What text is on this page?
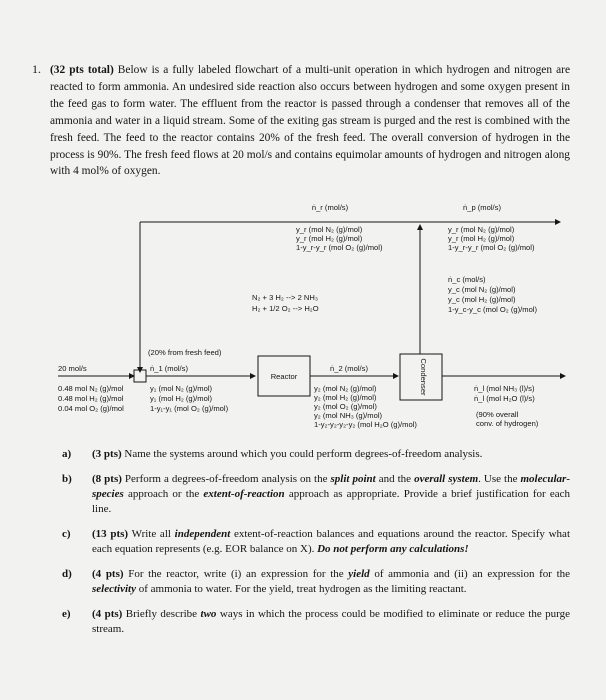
1. (32 pts total) Below is a fully labeled flowchart of a multi-unit operation in which hydrogen and nitrogen are reacted to form ammonia. An undesired side reaction also occurs between hydrogen and some oxygen present in the feed gas to form water. The effluent from the reactor is passed through a condenser that removes all of the ammonia and water in a liquid stream. Some of the exiting gas stream is purged and the rest is combined with the fresh feed. The feed to the reactor contains 20% of the fresh feed. The overall conversion of hydrogen in the process is 90%. The fresh feed flows at 20 mol/s and contains equimolar amounts of hydrogen and nitrogen along with 4 mol% of oxygen.
Reactor	Condenser
ṅ_r (mol/s)
y_r (mol N₂ (g)/mol)
y_r (mol H₂ (g)/mol)
1-y_r-y_r (mol O₂ (g)/mol)
ṅ_p (mol/s)
y_r (mol N₂ (g)/mol)
y_r (mol H₂ (g)/mol)
1-y_r-y_r (mol O₂ (g)/mol)
ṅ_c (mol/s)
y_c (mol N₂ (g)/mol)
y_c (mol H₂ (g)/mol)
1-y_c-y_c (mol O₂ (g)/mol)
N₂ + 3 H₂ --> 2 NH₃
H₂ + 1/2 O₂ --> H₂O
20 mol/s
0.48 mol N₂ (g)/mol
0.48 mol H₂ (g)/mol
0.04 mol O₂ (g)/mol
(20% from fresh feed)
ṅ_1 (mol/s)
y₁ (mol N₂ (g)/mol)
y₁ (mol H₂ (g)/mol)
1-y₁-y₁ (mol O₂ (g)/mol)
ṅ_2 (mol/s)
y₂ (mol N₂ (g)/mol)
y₂ (mol H₂ (g)/mol)
y₂ (mol O₂ (g)/mol)
y₂ (mol NH₃ (g)/mol)
1-y₂-y₂-y₂-y₂ (mol H₂O (g)/mol)
ṅ_l (mol NH₃ (l)/s)
ṅ_l (mol H₂O (l)/s)
(90% overall
conv. of hydrogen)
a) (3 pts) Name the systems around which you could perform degrees-of-freedom analysis.
b) (8 pts) Perform a degrees-of-freedom analysis on the split point and the overall system. Use the molecular-species approach or the extent-of-reaction approach as appropriate. Provide a brief justification for each line.
c) (13 pts) Write all independent extent-of-reaction balances and equations around the reactor. Specify what each equation represents (e.g. EOR balance on X). Do not perform any calculations!
d) (4 pts) For the reactor, write (i) an expression for the yield of ammonia and (ii) an expression for the selectivity of ammonia to water. For the yield, treat hydrogen as the limiting reactant.
e) (4 pts) Briefly describe two ways in which the process could be modified to eliminate or reduce the purge stream.
